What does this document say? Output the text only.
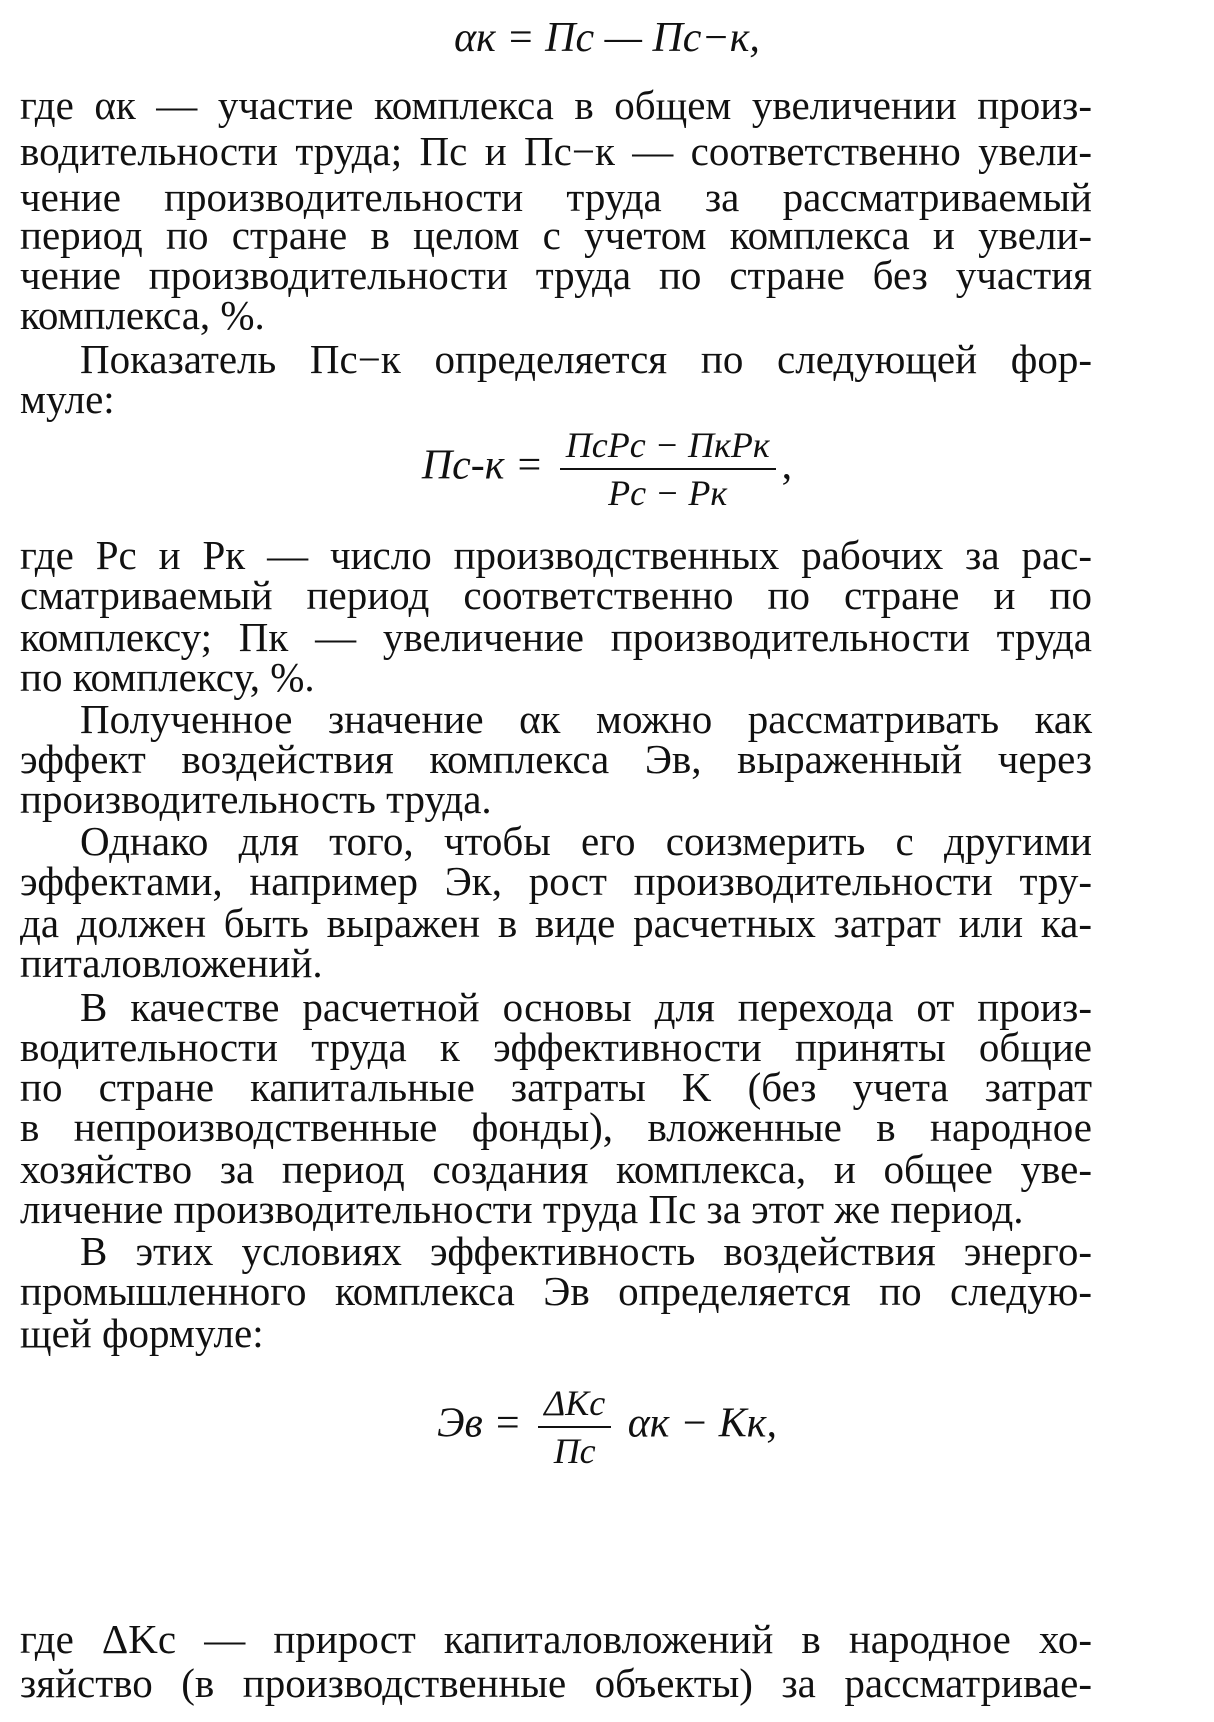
αк = Пс — Пс−к,
где αк — участие комплекса в общем увеличении произ-
водительности труда; Пс и Пс−к — соответственно увели-
чение производительности труда за рассматриваемый
период по стране в целом с учетом комплекса и увели-
чение производительности труда по стране без участия
комплекса, %.
Показатель Пс−к определяется по следующей фор-
муле:
$Пс-к = \frac{\text{ПсPс − ПкPк}}{Pс - Pк}$ ,
где Pс и Pк — число производственных рабочих за рас-
сматриваемый период соответственно по стране и по
комплексу; Пк — увеличение производительности труда
по комплексу, %.
Полученное значение αк можно рассматривать как
эффект воздействия комплекса Эв, выраженный через
производительность труда.
Однако для того, чтобы его соизмерить с другими
эффектами, например Эк, рост производительности тру-
да должен быть выражен в виде расчетных затрат или ка-
питаловложений.
В качестве расчетной основы для перехода от произ-
водительности труда к эффективности приняты общие
по стране капитальные затраты K (без учета затрат
в непроизводственные фонды), вложенные в народное
хозяйство за период создания комплекса, и общее уве-
личение производительности труда Пс за этот же период.
В этих условиях эффективность воздействия энерго-
промышленного комплекса Эв определяется по следую-
щей формуле:
Эв = $\frac{\text{ΔKс}}{Пс}$ αк − Kк,
где ΔKс — прирост капиталовложений в народное хо-
зяйство (в производственные объекты) за рассматривае-
